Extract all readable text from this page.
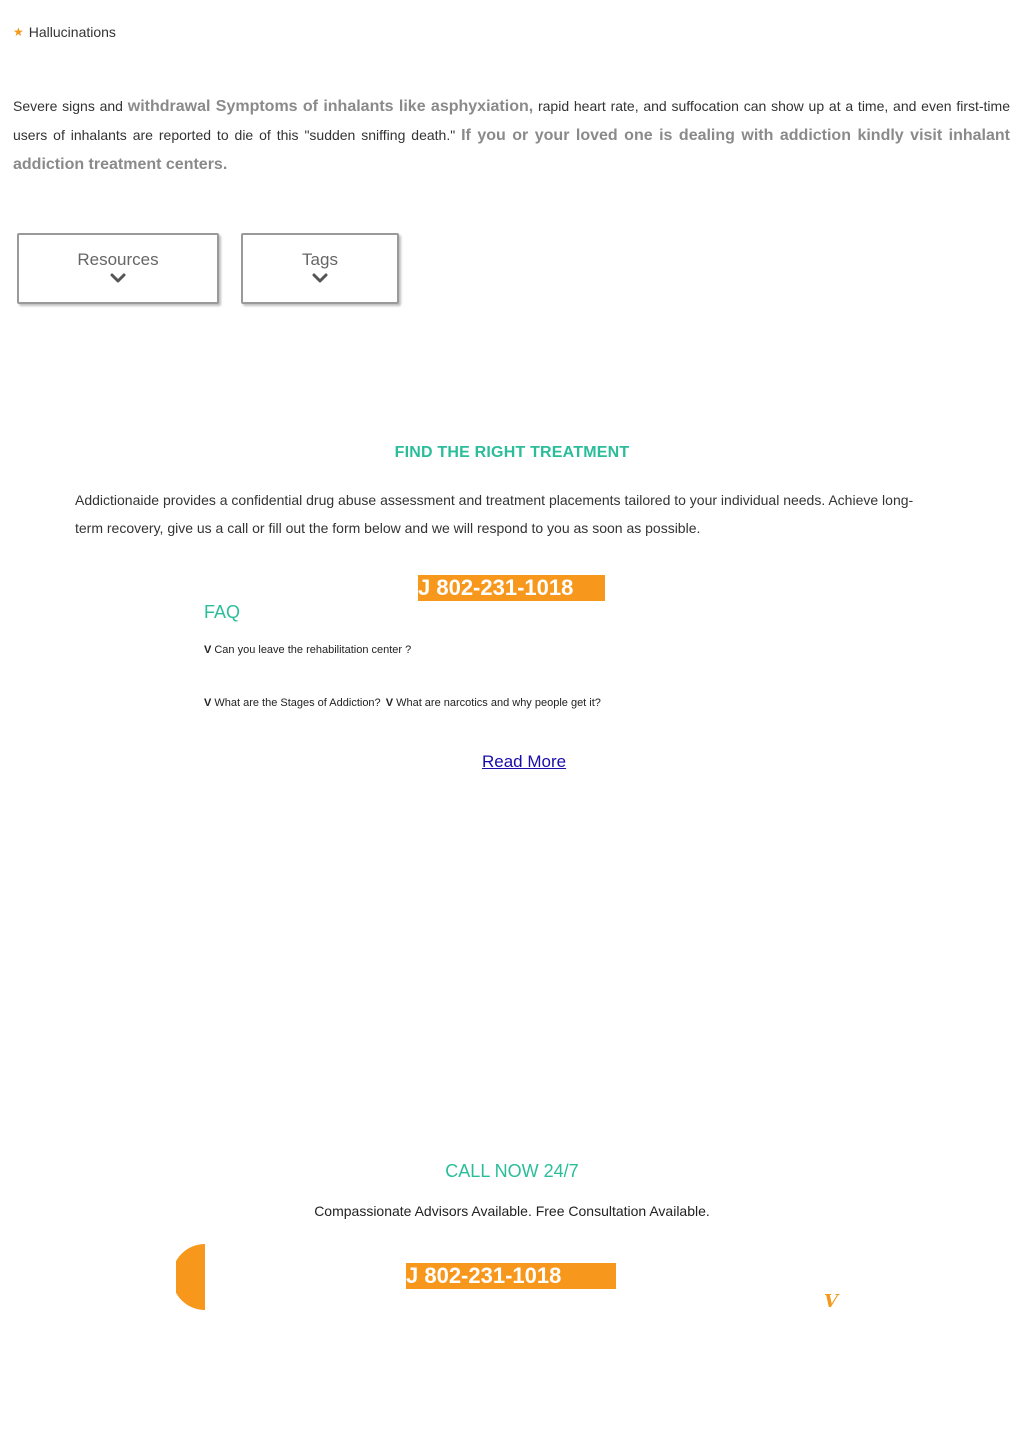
★ Hallucinations
Severe signs and withdrawal Symptoms of inhalants like asphyxiation, rapid heart rate, and suffocation can show up at a time, and even first-time users of inhalants are reported to die of this "sudden sniffing death." If you or your loved one is dealing with addiction kindly visit inhalant addiction treatment centers.
Resources	Tags
FIND THE RIGHT TREATMENT
Addictionaide provides a confidential drug abuse assessment and treatment placements tailored to your individual needs. Achieve long-term recovery, give us a call or fill out the form below and we will respond to you as soon as possible.
J 802-231-1018
FAQ
V Can you leave the rehabilitation center ?
V What are the Stages of Addiction? V What are narcotics and why people get it?
Read More
CALL NOW 24/7
Compassionate Advisors Available. Free Consultation Available.
J 802-231-1018
V
